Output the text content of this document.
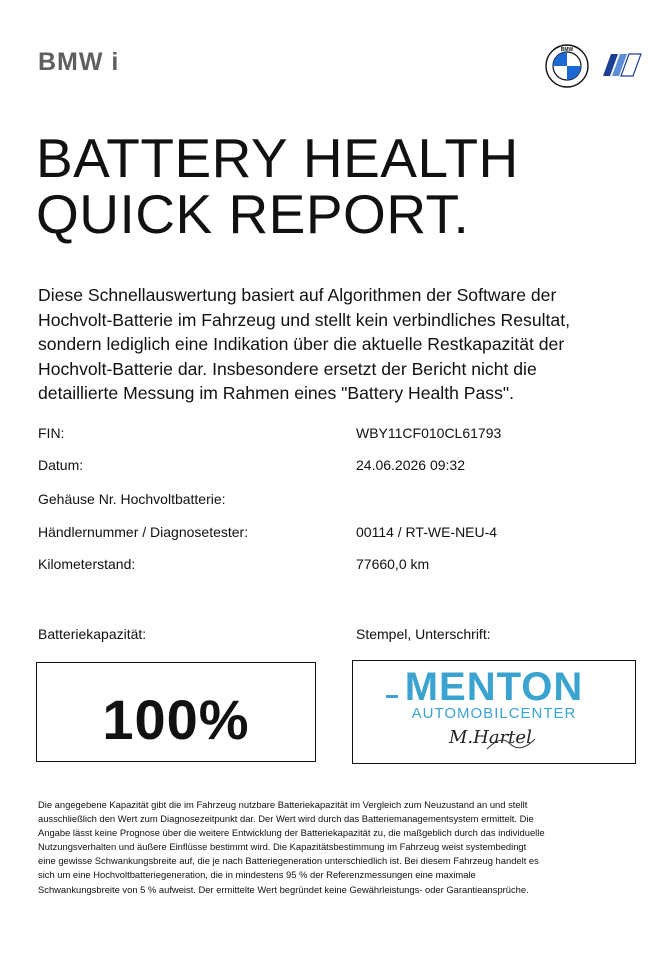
BMW i	BMW
BATTERY HEALTH
QUICK REPORT.
Diese Schnellauswertung basiert auf Algorithmen der Software der
Hochvolt-Batterie im Fahrzeug und stellt kein verbindliches Resultat,
sondern lediglich eine Indikation über die aktuelle Restkapazität der
Hochvolt-Batterie dar. Insbesondere ersetzt der Bericht nicht die
detaillierte Messung im Rahmen eines "Battery Health Pass".
FIN:	WBY11CF010CL61793
Datum:	24.06.2026 09:32
Gehäuse Nr. Hochvoltbatterie:
Händlernummer / Diagnosetester:	00114 / RT-WE-NEU-4
Kilometerstand:	77660,0 km
Batteriekapazität:	Stempel, Unterschrift:
100%
MENTON
AUTOMOBILCENTER
M.Hartel
Die angegebene Kapazität gibt die im Fahrzeug nutzbare Batteriekapazität im Vergleich zum Neuzustand an und stellt
ausschließlich den Wert zum Diagnosezeitpunkt dar. Der Wert wird durch das Batteriemanagementsystem ermittelt. Die
Angabe lässt keine Prognose über die weitere Entwicklung der Batteriekapazität zu, die maßgeblich durch das individuelle
Nutzungsverhalten und äußere Einflüsse bestimmt wird. Die Kapazitätsbestimmung im Fahrzeug weist systembedingt
eine gewisse Schwankungsbreite auf, die je nach Batteriegeneration unterschiedlich ist. Bei diesem Fahrzeug handelt es
sich um eine Hochvoltbatteriegeneration, die in mindestens 95 % der Referenzmessungen eine maximale
Schwankungsbreite von 5 % aufweist. Der ermittelte Wert begründet keine Gewährleistungs- oder Garantieansprüche.
